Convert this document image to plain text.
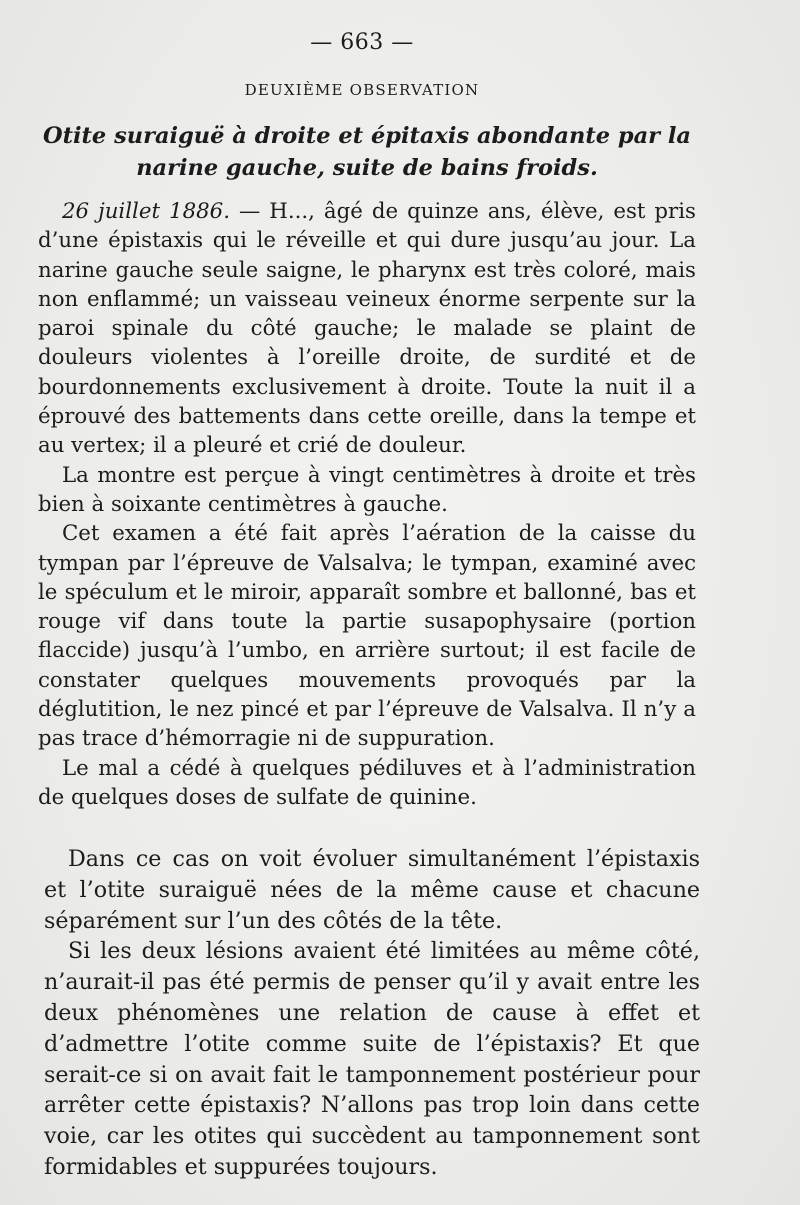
— 663 —
DEUXIÈME OBSERVATION
Otite suraiguë à droite et épitaxis abondante par la narine gauche, suite de bains froids.

26 juillet 1886. — H..., âgé de quinze ans, élève, est pris d’une épistaxis qui le réveille et qui dure jusqu’au jour. La narine gauche seule saigne, le pharynx est très coloré, mais non enflammé; un vaisseau veineux énorme serpente sur la paroi spinale du côté gauche; le malade se plaint de douleurs violentes à l’oreille droite, de surdité et de bourdonnements exclusivement à droite. Toute la nuit il a éprouvé des battements dans cette oreille, dans la tempe et au vertex; il a pleuré et crié de douleur.

La montre est perçue à vingt centimètres à droite et très bien à soixante centimètres à gauche.

Cet examen a été fait après l’aération de la caisse du tympan par l’épreuve de Valsalva; le tympan, examiné avec le spéculum et le miroir, apparaît sombre et ballonné, bas et rouge vif dans toute la partie susapophysaire (portion flaccide) jusqu’à l’umbo, en arrière surtout; il est facile de constater quelques mouvements provoqués par la déglutition, le nez pincé et par l’épreuve de Valsalva. Il n’y a pas trace d’hémorragie ni de suppuration.

Le mal a cédé à quelques pédiluves et à l’administration de quelques doses de sulfate de quinine.

Dans ce cas on voit évoluer simultanément l’épistaxis et l’otite suraiguë nées de la même cause et chacune séparément sur l’un des côtés de la tête.

Si les deux lésions avaient été limitées au même côté, n’aurait-il pas été permis de penser qu’il y avait entre les deux phénomènes une relation de cause à effet et d’admettre l’otite comme suite de l’épistaxis? Et que serait-ce si on avait fait le tamponnement postérieur pour arrêter cette épistaxis? N’allons pas trop loin dans cette voie, car les otites qui succèdent au tamponnement sont formidables et suppurées toujours.
